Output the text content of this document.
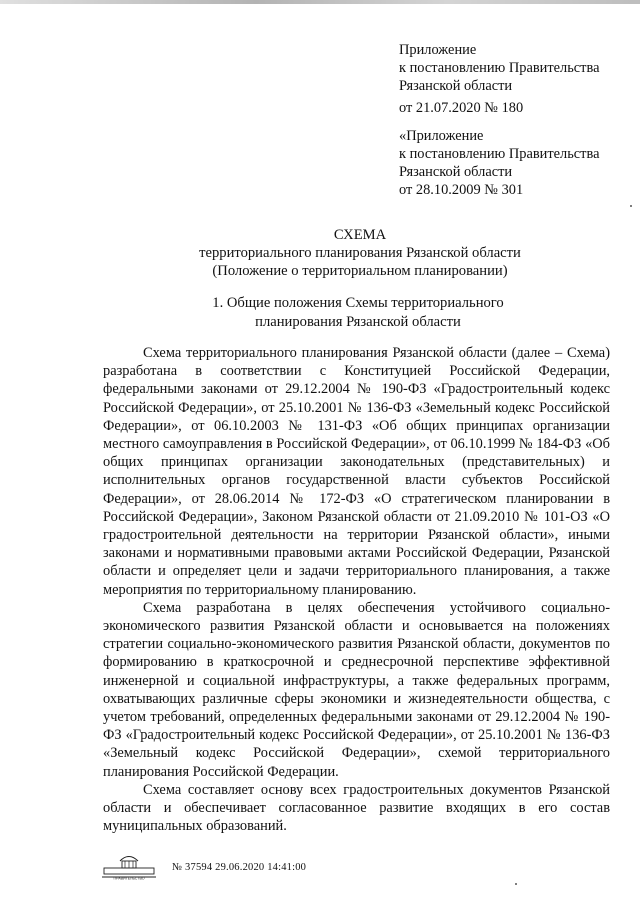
Приложение
к постановлению Правительства
Рязанской области
от 21.07.2020 № 180
«Приложение
к постановлению Правительства
Рязанской области
от 28.10.2009 № 301
СХЕМА
территориального планирования Рязанской области
(Положение о территориальном планировании)
1. Общие положения Схемы территориального
планирования Рязанской области

Схема территориального планирования Рязанской области (далее – Схема) разработана в соответствии с Конституцией Российской Федерации, федеральными законами от 29.12.2004 № 190-ФЗ «Градостроительный кодекс Российской Федерации», от 25.10.2001 № 136-ФЗ «Земельный кодекс Российской Федерации», от 06.10.2003 № 131-ФЗ «Об общих принципах организации местного самоуправления в Российской Федерации», от 06.10.1999 № 184-ФЗ «Об общих принципах организации законодательных (представительных) и исполнительных органов государственной власти субъектов Российской Федерации», от 28.06.2014 № 172-ФЗ «О стратегическом планировании в Российской Федерации», Законом Рязанской области от 21.09.2010 № 101-ОЗ «О градостроительной деятельности на территории Рязанской области», иными законами и нормативными правовыми актами Российской Федерации, Рязанской области и определяет цели и задачи территориального планирования, а также мероприятия по территориальному планированию.

Схема разработана в целях обеспечения устойчивого социально-экономического развития Рязанской области и основывается на положениях стратегии социально-экономического развития Рязанской области, документов по формированию в краткосрочной и среднесрочной перспективе эффективной инженерной и социальной инфраструктуры, а также федеральных программ, охватывающих различные сферы экономики и жизнедеятельности общества, с учетом требований, определенных федеральными законами от 29.12.2004 № 190-ФЗ «Градостроительный кодекс Российской Федерации», от 25.10.2001 № 136-ФЗ «Земельный кодекс Российской Федерации», схемой территориального планирования Российской Федерации.

Схема составляет основу всех градостроительных документов Рязанской области и обеспечивает согласованное развитие входящих в его состав муниципальных образований.

ПРАВИТЕЛЬСТВО
№ 37594 29.06.2020 14:41:00
